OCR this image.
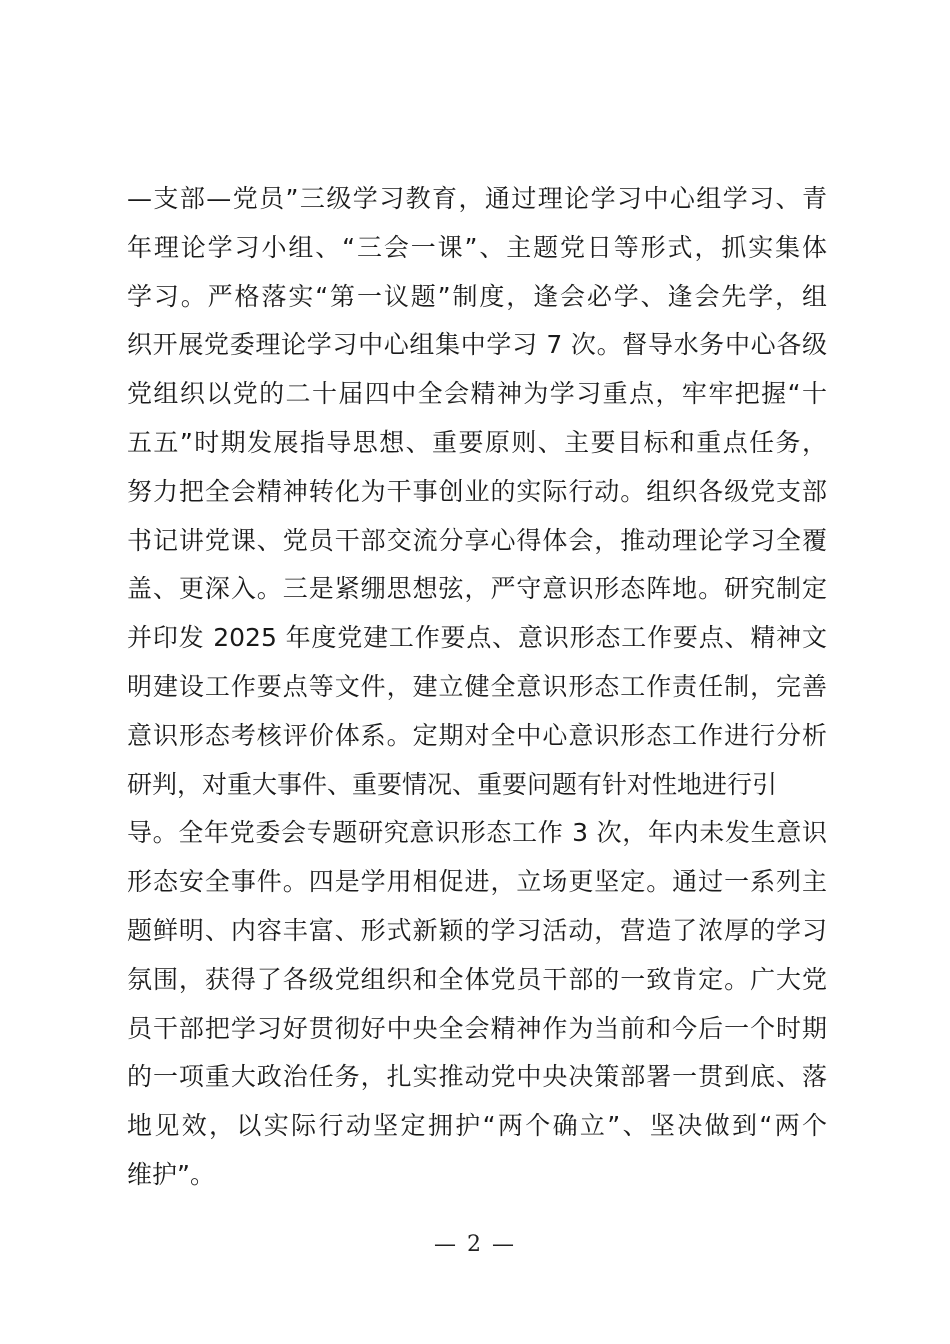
—支部—党员”三级学习教育，通过理论学习中心组学习、青
年理论学习小组、“三会一课”、主题党日等形式，抓实集体
学习。严格落实“第一议题”制度，逢会必学、逢会先学，组
织开展党委理论学习中心组集中学习 7 次。督导水务中心各级
党组织以党的二十届四中全会精神为学习重点，牢牢把握“十
五五”时期发展指导思想、重要原则、主要目标和重点任务，
努力把全会精神转化为干事创业的实际行动。组织各级党支部
书记讲党课、党员干部交流分享心得体会，推动理论学习全覆
盖、更深入。三是紧绷思想弦，严守意识形态阵地。研究制定
并印发 2025 年度党建工作要点、意识形态工作要点、精神文
明建设工作要点等文件，建立健全意识形态工作责任制，完善
意识形态考核评价体系。定期对全中心意识形态工作进行分析
研判，对重大事件、重要情况、重要问题有针对性地进行引
导。全年党委会专题研究意识形态工作 3 次，年内未发生意识
形态安全事件。四是学用相促进，立场更坚定。通过一系列主
题鲜明、内容丰富、形式新颖的学习活动，营造了浓厚的学习
氛围，获得了各级党组织和全体党员干部的一致肯定。广大党
员干部把学习好贯彻好中央全会精神作为当前和今后一个时期
的一项重大政治任务，扎实推动党中央决策部署一贯到底、落
地见效，以实际行动坚定拥护“两个确立”、坚决做到“两个
维护”。
— 2 —
